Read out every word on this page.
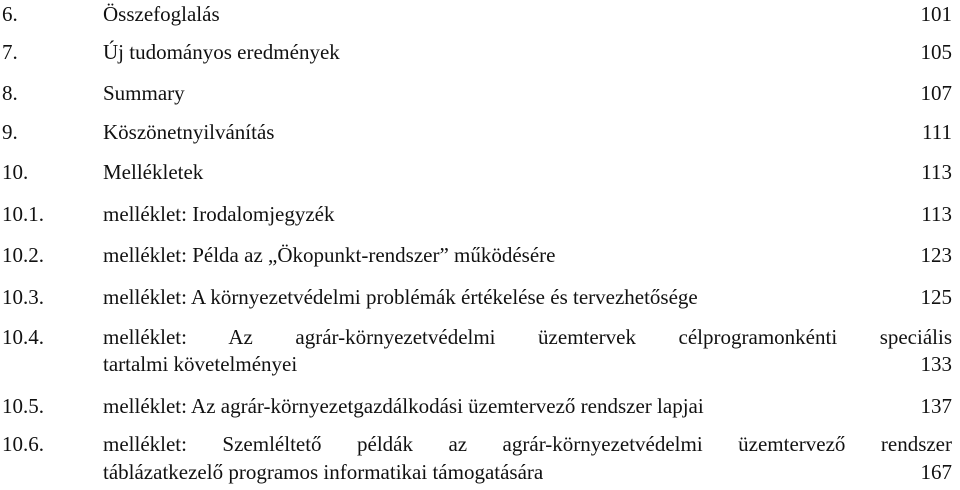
6.	Összefoglalás	101
7.	Új tudományos eredmények	105
8.	Summary	107
9.	Köszönetnyilvánítás	111
10.	Mellékletek	113
10.1.	melléklet: Irodalomjegyzék	113
10.2.	melléklet: Példa az „Ökopunkt-rendszer” működésére	123
10.3.	melléklet: A környezetvédelmi problémák értékelése és tervezhetősége	125
10.4.	melléklet: Az agrár-környezetvédelmi üzemtervek célprogramonkénti speciális
tartalmi követelményei	133
10.5.	melléklet: Az agrár-környezetgazdálkodási üzemtervező rendszer lapjai	137
10.6.	melléklet: Szemléltető példák az agrár-környezetvédelmi üzemtervező rendszer
táblázatkezelő programos informatikai támogatására	167
